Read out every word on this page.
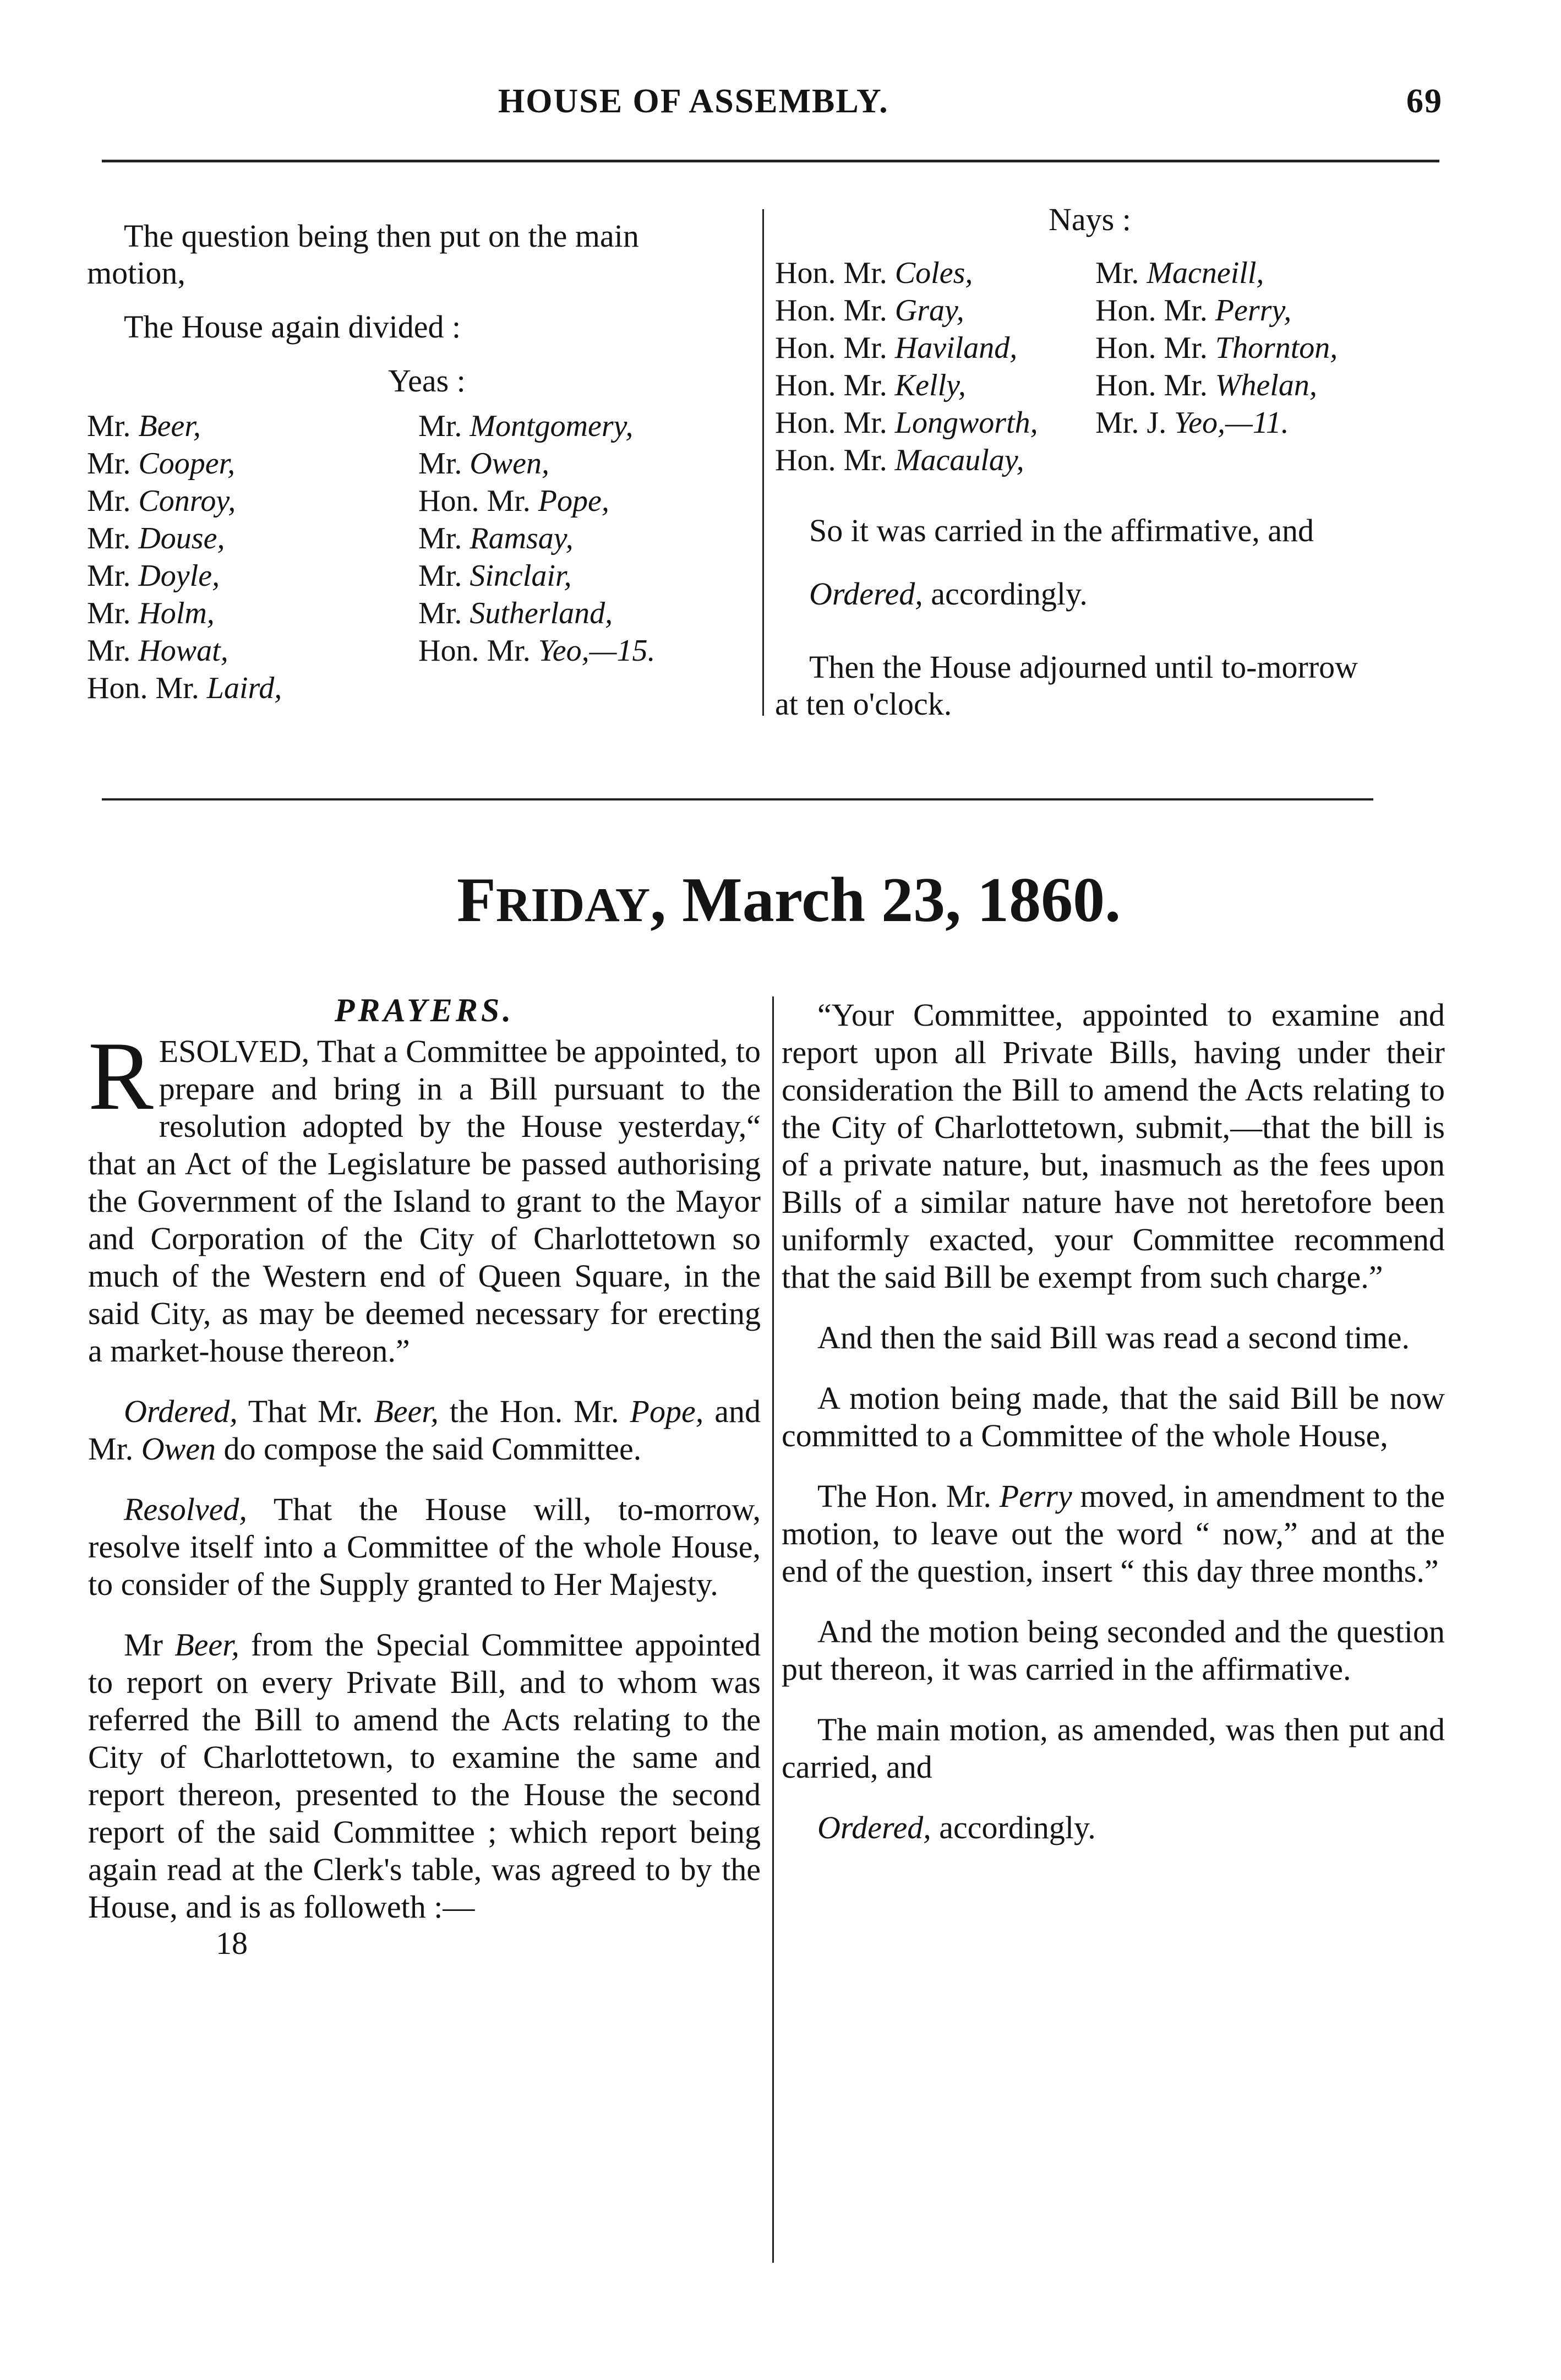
HOUSE OF ASSEMBLY.	69
The question being then put on the main
motion,
The House again divided :
Yeas :
Mr. Beer,
Mr. Cooper,
Mr. Conroy,
Mr. Douse,
Mr. Doyle,
Mr. Holm,
Mr. Howat,
Hon. Mr. Laird,
Mr. Montgomery,
Mr. Owen,
Hon. Mr. Pope,
Mr. Ramsay,
Mr. Sinclair,
Mr. Sutherland,
Hon. Mr. Yeo,—15.
Nays :
Hon. Mr. Coles,
Hon. Mr. Gray,
Hon. Mr. Haviland,
Hon. Mr. Kelly,
Hon. Mr. Longworth,
Hon. Mr. Macaulay,
Mr. Macneill,
Hon. Mr. Perry,
Hon. Mr. Thornton,
Hon. Mr. Whelan,
Mr. J. Yeo,—11.
So it was carried in the affirmative, and
Ordered, accordingly.
Then the House adjourned until to-morrow
at ten o'clock.
FRIDAY, March 23, 1860.
PRAYERS.

RESOLVED, That a Committee be appointed, to prepare and bring in a Bill pursuant to the resolution adopted by the House yesterday,“ that an Act of the Legislature be passed authorising the Government of the Island to grant to the Mayor and Corporation of the City of Charlottetown so much of the Western end of Queen Square, in the said City, as may be deemed necessary for erecting a market-house thereon.”

Ordered, That Mr. Beer, the Hon. Mr. Pope, and Mr. Owen do compose the said Committee.

Resolved, That the House will, to-morrow, resolve itself into a Committee of the whole House, to consider of the Supply granted to Her Majesty.

Mr Beer, from the Special Committee appointed to report on every Private Bill, and to whom was referred the Bill to amend the Acts relating to the City of Charlottetown, to examine the same and report thereon, presented to the House the second report of the said Committee ; which report being again read at the Clerk's table, was agreed to by the House, and is as followeth :—

18

“Your Committee, appointed to examine and report upon all Private Bills, having under their consideration the Bill to amend the Acts relating to the City of Charlottetown, submit,—that the bill is of a private nature, but, inasmuch as the fees upon Bills of a similar nature have not heretofore been uniformly exacted, your Committee recommend that the said Bill be exempt from such charge.”

And then the said Bill was read a second time.

A motion being made, that the said Bill be now committed to a Committee of the whole House,

The Hon. Mr. Perry moved, in amendment to the motion, to leave out the word “ now,” and at the end of the question, insert “ this day three months.”

And the motion being seconded and the question put thereon, it was carried in the affirmative.

The main motion, as amended, was then put and carried, and

Ordered, accordingly.
